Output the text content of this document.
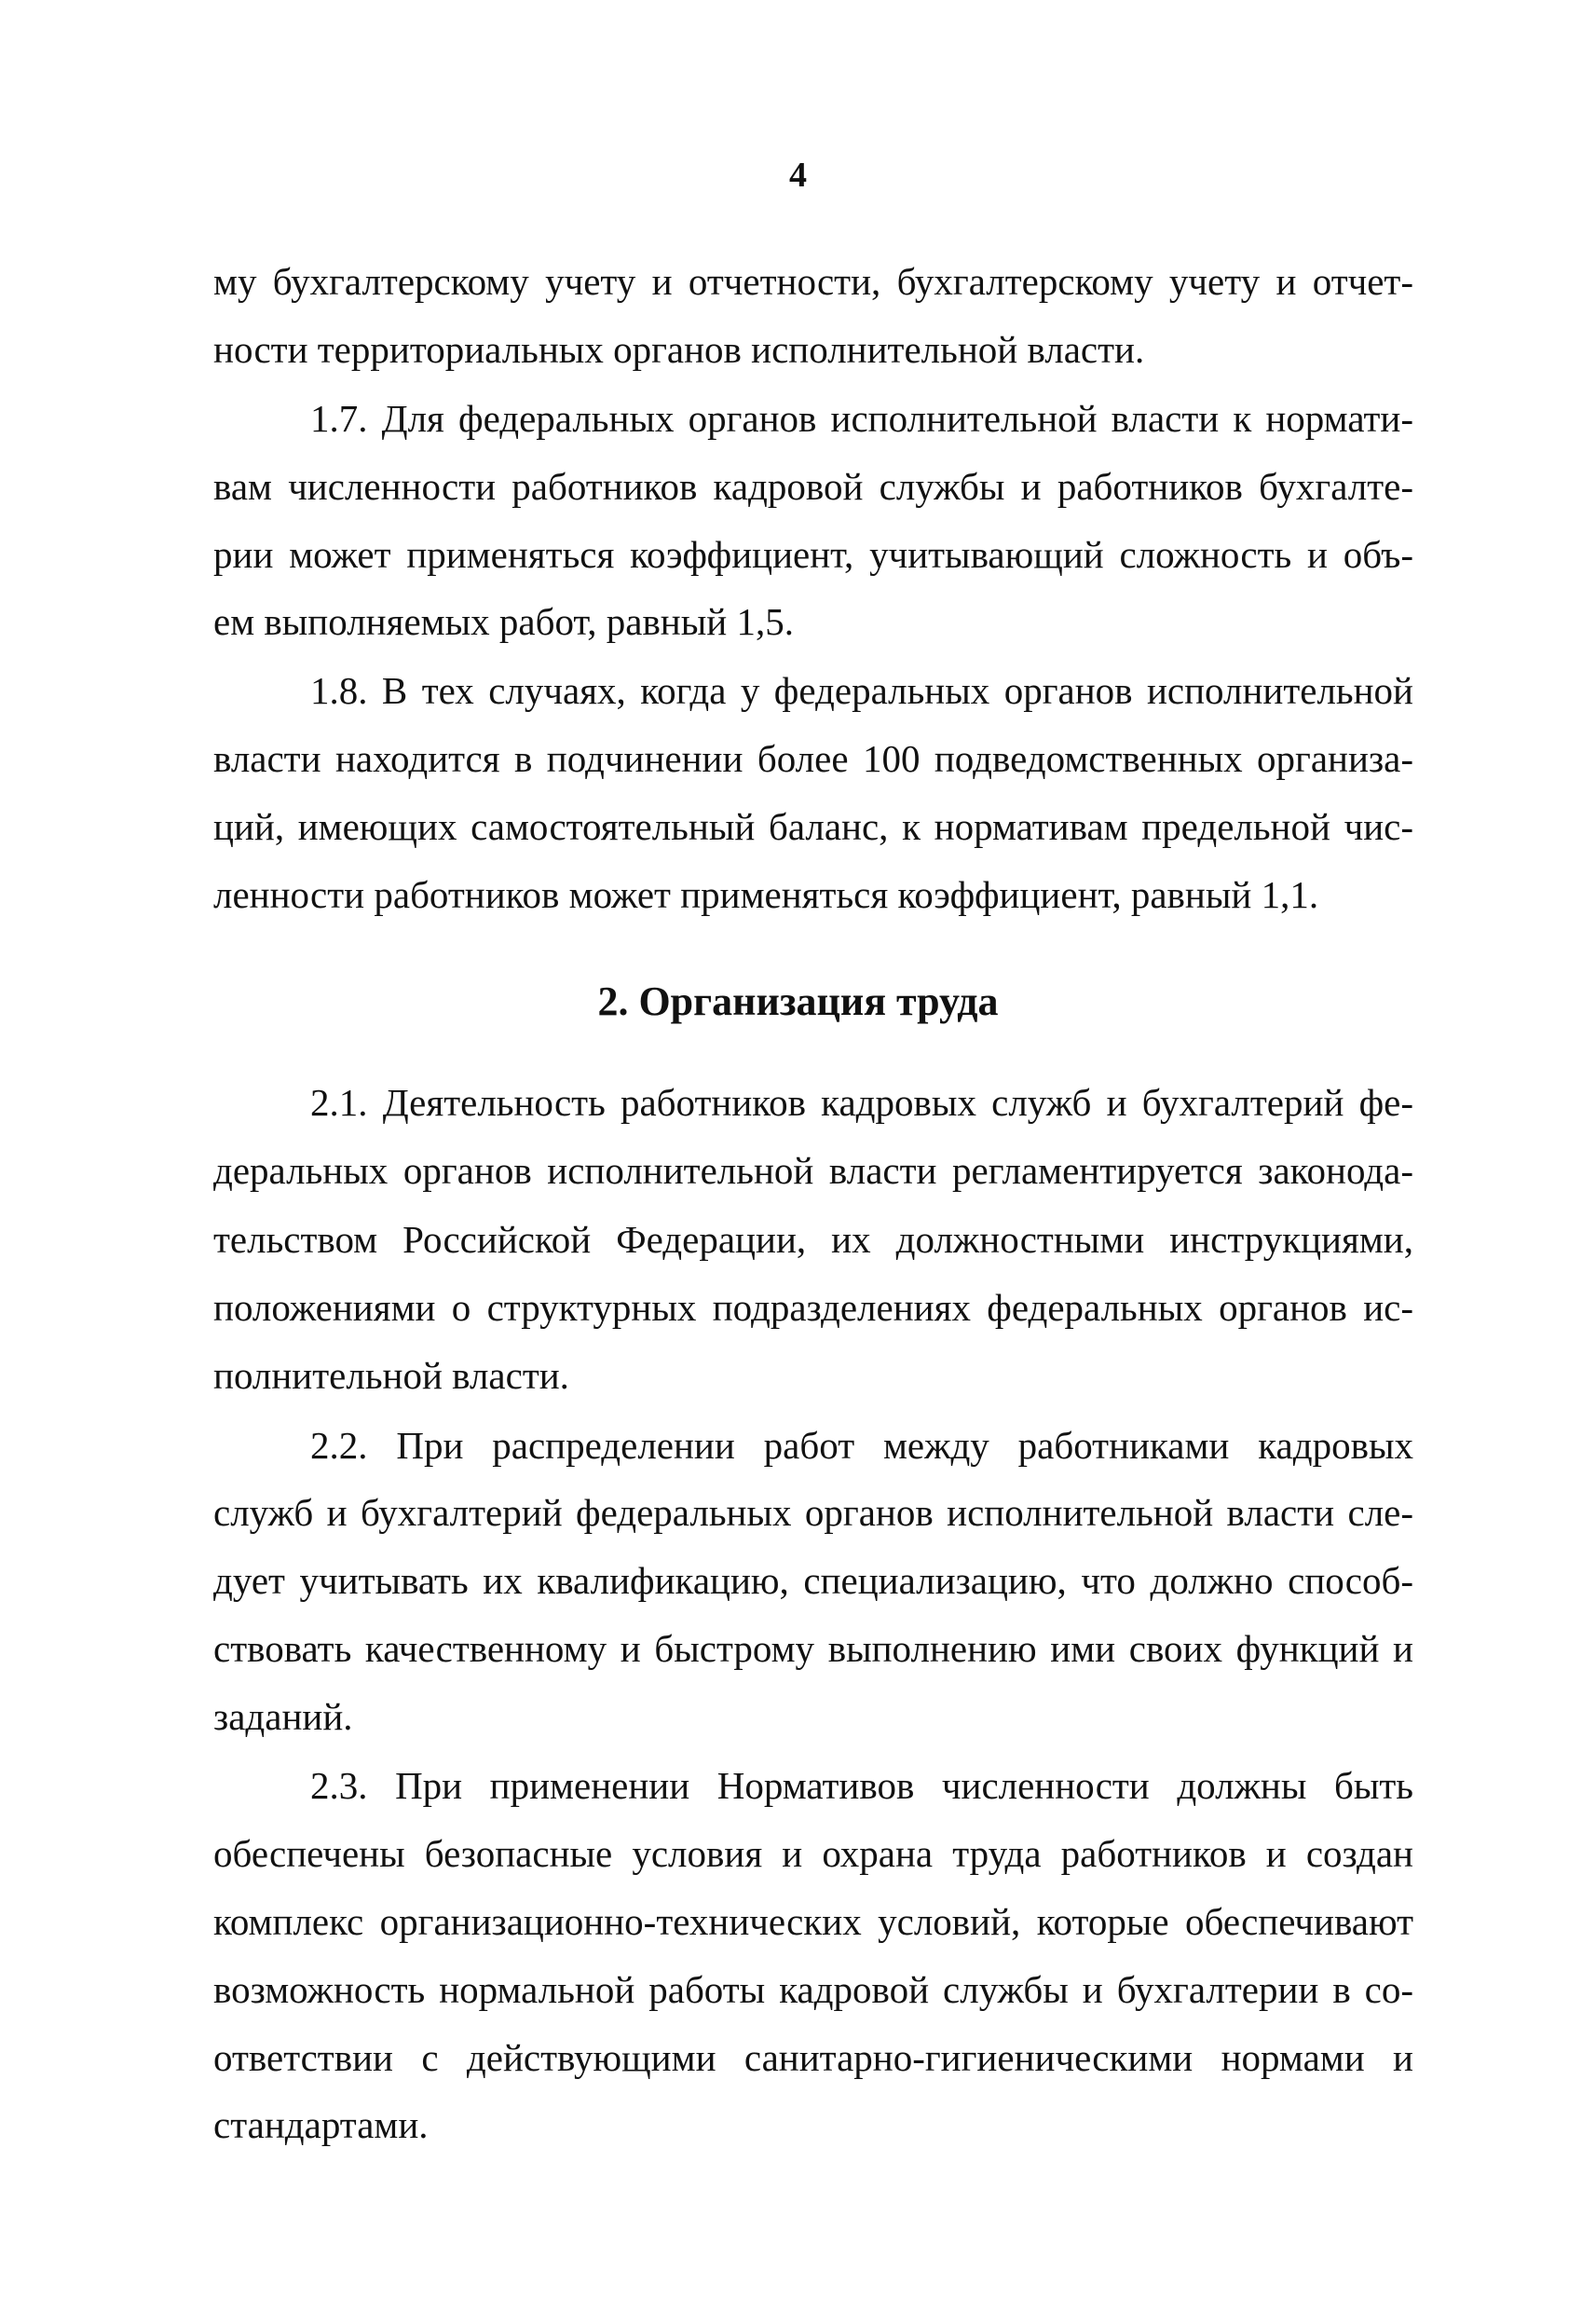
4
му бухгалтерскому учету и отчетности, бухгалтерскому учету и отчет-
ности территориальных органов исполнительной власти.
1.7. Для федеральных органов исполнительной власти к нормати-
вам численности работников кадровой службы и работников бухгалте-
рии может применяться коэффициент, учитывающий сложность и объ-
ем выполняемых работ, равный 1,5.
1.8. В тех случаях, когда у федеральных органов исполнительной
власти находится в подчинении более 100 подведомственных организа-
ций, имеющих самостоятельный баланс, к нормативам предельной чис-
ленности работников может применяться коэффициент, равный 1,1.
2. Организация труда
2.1. Деятельность работников кадровых служб и бухгалтерий фе-
деральных органов исполнительной власти регламентируется законода-
тельством Российской Федерации, их должностными инструкциями,
положениями о структурных подразделениях федеральных органов ис-
полнительной власти.
2.2. При распределении работ между работниками кадровых
служб и бухгалтерий федеральных органов исполнительной власти сле-
дует учитывать их квалификацию, специализацию, что должно способ-
ствовать качественному и быстрому выполнению ими своих функций и
заданий.
2.3. При применении Нормативов численности должны быть
обеспечены безопасные условия и охрана труда работников и создан
комплекс организационно-технических условий, которые обеспечивают
возможность нормальной работы кадровой службы и бухгалтерии в со-
ответствии с действующими санитарно-гигиеническими нормами и
стандартами.
